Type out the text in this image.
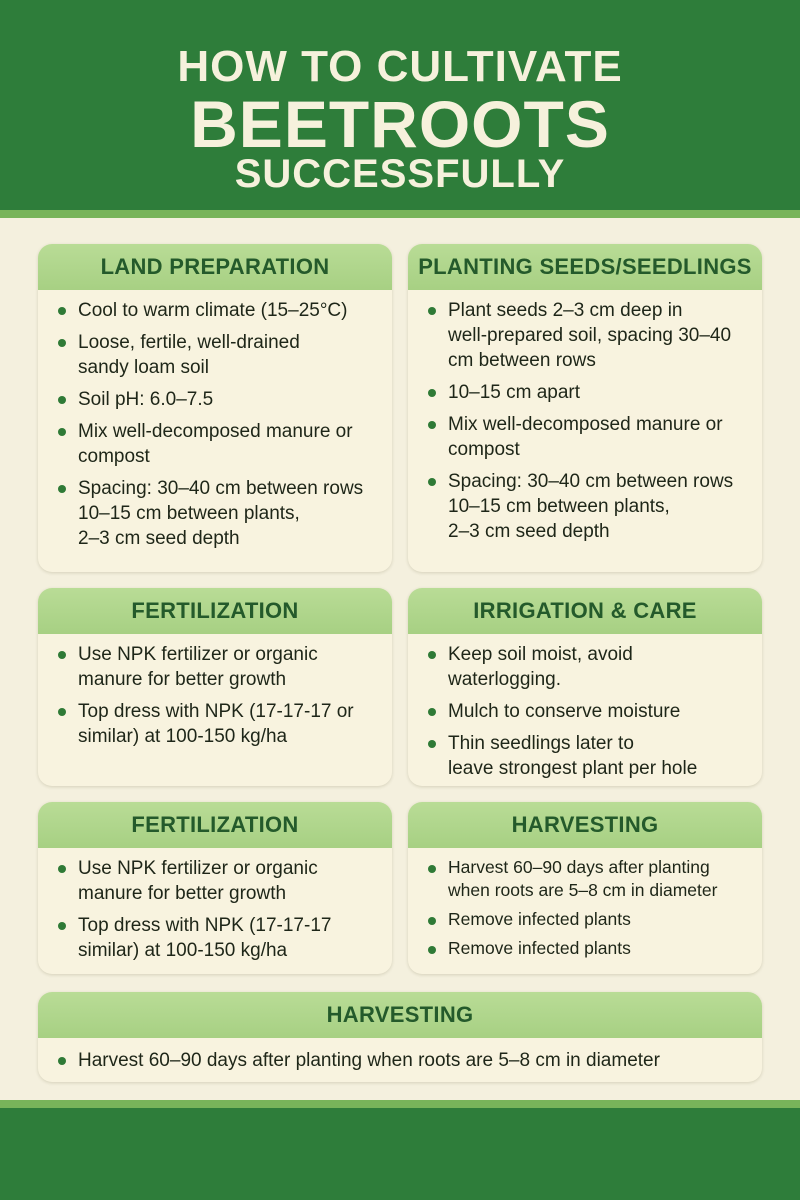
HOW TO CULTIVATE
BEETROOTS
SUCCESSFULLY
LAND PREPARATION
Cool to warm climate (15–25°C)
Loose, fertile, well-drained
sandy loam soil
Soil pH: 6.0–7.5
Mix well-decomposed manure or
compost
Spacing: 30–40 cm between rows
10–15 cm between plants,
2–3 cm seed depth
PLANTING SEEDS/SEEDLINGS
Plant seeds 2–3 cm deep in
well-prepared soil, spacing 30–40
cm between rows
10–15 cm apart
Mix well-decomposed manure or
compost
Spacing: 30–40 cm between rows
10–15 cm between plants,
2–3 cm seed depth
FERTILIZATION
Use NPK fertilizer or organic
manure for better growth
Top dress with NPK (17-17-17 or
similar) at 100-150 kg/ha
IRRIGATION & CARE
Keep soil moist, avoid
waterlogging.
Mulch to conserve moisture
Thin seedlings later to
leave strongest plant per hole
FERTILIZATION
Use NPK fertilizer or organic
manure for better growth
Top dress with NPK (17-17-17
similar) at 100-150 kg/ha
HARVESTING
Harvest 60–90 days after planting
when roots are 5–8 cm in diameter
Remove infected plants
Remove infected plants
HARVESTING
Harvest 60–90 days after planting when roots are 5–8 cm in diameter
